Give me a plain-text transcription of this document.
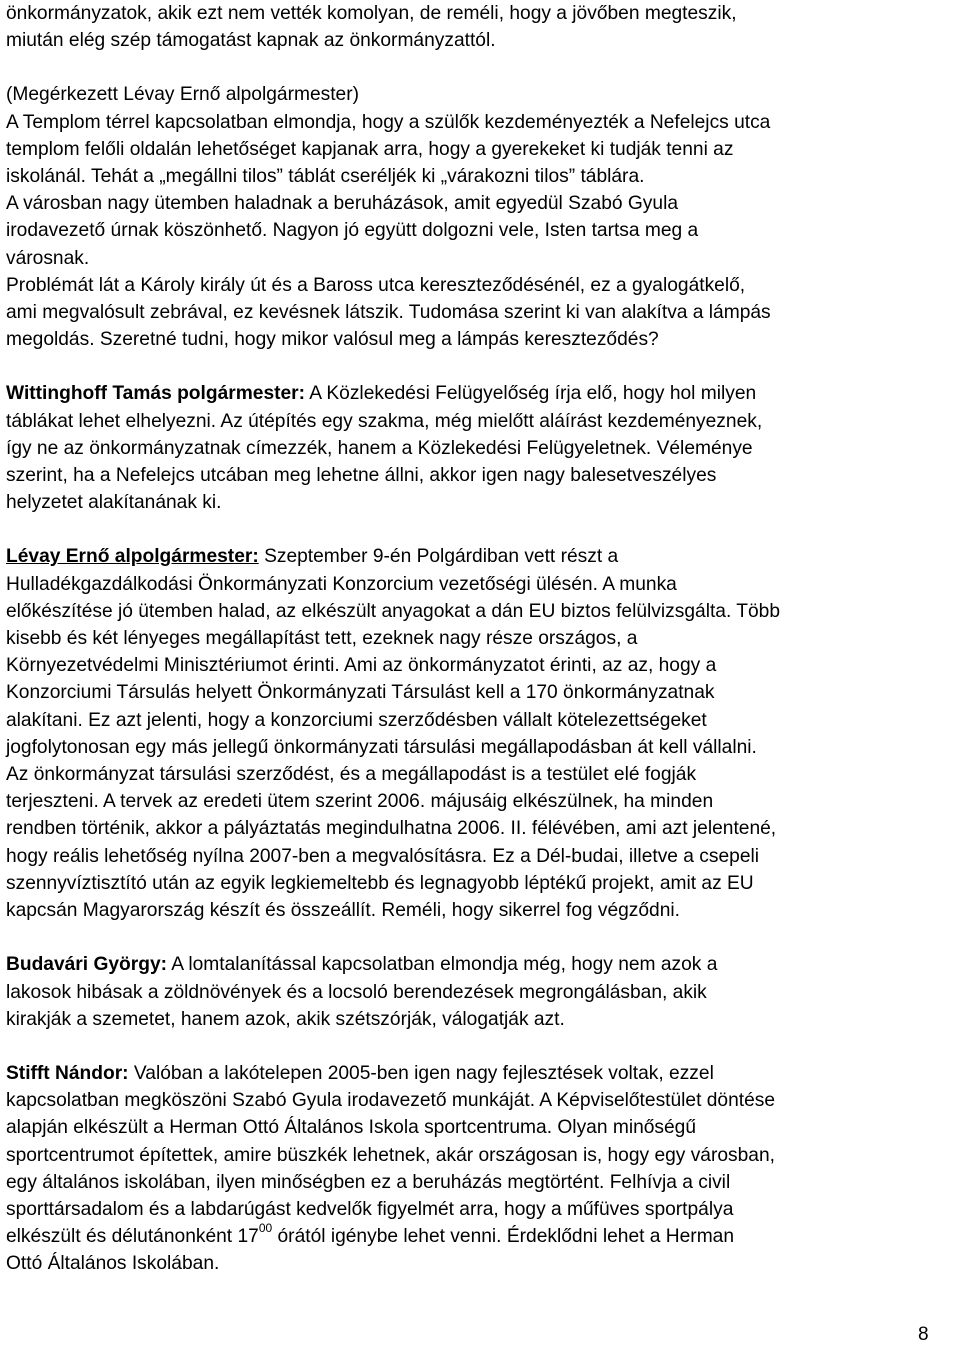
önkormányzatok, akik ezt nem vették komolyan, de reméli, hogy a jövőben megteszik,
miután elég szép támogatást kapnak az önkormányzattól.

(Megérkezett Lévay Ernő alpolgármester)
A Templom térrel kapcsolatban elmondja, hogy a szülők kezdeményezték a Nefelejcs utca
templom felőli oldalán lehetőséget kapjanak arra, hogy a gyerekeket ki tudják tenni az
iskolánál. Tehát a „megállni tilos” táblát cseréljék ki „várakozni tilos” táblára.
A városban nagy ütemben haladnak a beruházások, amit egyedül Szabó Gyula
irodavezető úrnak köszönhető. Nagyon jó együtt dolgozni vele, Isten tartsa meg a
városnak.
Problémát lát a Károly király út és a Baross utca kereszteződésénél, ez a gyalogátkelő,
ami megvalósult zebrával, ez kevésnek látszik. Tudomása szerint ki van alakítva a lámpás
megoldás. Szeretné tudni, hogy mikor valósul meg a lámpás kereszteződés?

Wittinghoff Tamás polgármester: A Közlekedési Felügyelőség írja elő, hogy hol milyen
táblákat lehet elhelyezni. Az útépítés egy szakma, még mielőtt aláírást kezdeményeznek,
így ne az önkormányzatnak címezzék, hanem a Közlekedési Felügyeletnek. Véleménye
szerint, ha a Nefelejcs utcában meg lehetne állni, akkor igen nagy balesetveszélyes
helyzetet alakítanának ki.

Lévay Ernő alpolgármester: Szeptember 9-én Polgárdiban vett részt a
Hulladékgazdálkodási Önkormányzati Konzorcium vezetőségi ülésén. A munka
előkészítése jó ütemben halad, az elkészült anyagokat a dán EU biztos felülvizsgálta. Több
kisebb és két lényeges megállapítást tett, ezeknek nagy része országos, a
Környezetvédelmi Minisztériumot érinti. Ami az önkormányzatot érinti, az az, hogy a
Konzorciumi Társulás helyett Önkormányzati Társulást kell a 170 önkormányzatnak
alakítani. Ez azt jelenti, hogy a konzorciumi szerződésben vállalt kötelezettségeket
jogfolytonosan egy más jellegű önkormányzati társulási megállapodásban át kell vállalni.
Az önkormányzat társulási szerződést, és a megállapodást is a testület elé fogják
terjeszteni. A tervek az eredeti ütem szerint 2006. májusáig elkészülnek, ha minden
rendben történik, akkor a pályáztatás megindulhatna 2006. II. félévében, ami azt jelentené,
hogy reális lehetőség nyílna 2007-ben a megvalósításra. Ez a Dél-budai, illetve a csepeli
szennyvíztisztító után az egyik legkiemeltebb és legnagyobb léptékű projekt, amit az EU
kapcsán Magyarország készít és összeállít. Reméli, hogy sikerrel fog végződni.

Budavári György: A lomtalanítással kapcsolatban elmondja még, hogy nem azok a
lakosok hibásak a zöldnövények és a locsoló berendezések megrongálásban, akik
kirakják a szemetet, hanem azok, akik szétszórják, válogatják azt.

Stifft Nándor: Valóban a lakótelepen 2005-ben igen nagy fejlesztések voltak, ezzel
kapcsolatban megköszöni Szabó Gyula irodavezető munkáját. A Képviselőtestület döntése
alapján elkészült a Herman Ottó Általános Iskola sportcentruma. Olyan minőségű
sportcentrumot építettek, amire büszkék lehetnek, akár országosan is, hogy egy városban,
egy általános iskolában, ilyen minőségben ez a beruházás megtörtént. Felhívja a civil
sporttársadalom és a labdarúgást kedvelők figyelmét arra, hogy a műfüves sportpálya
elkészült és délutánonként $17^{00}$ órától igénybe lehet venni. Érdeklődni lehet a Herman
Ottó Általános Iskolában.

8
